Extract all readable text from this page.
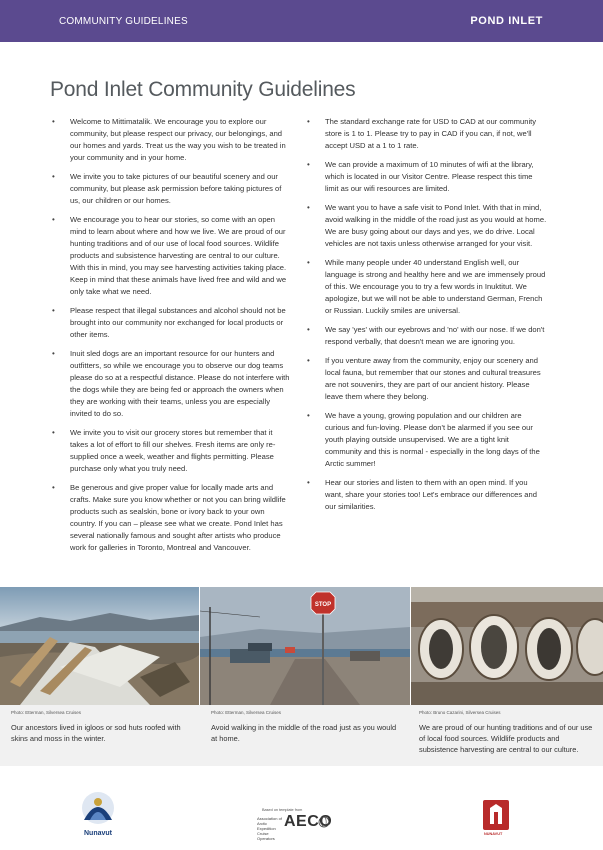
COMMUNITY GUIDELINES	POND INLET
Pond Inlet Community Guidelines
• Welcome to Mittimatalik. We encourage you to explore our community, but please respect our privacy, our belongings, and our homes and yards. Treat us the way you wish to be treated in your community and in your home.
• We invite you to take pictures of our beautiful scenery and our community, but please ask permission before taking pictures of us, our children or our homes.
• We encourage you to hear our stories, so come with an open mind to learn about where and how we live. We are proud of our hunting traditions and of our use of local food sources. Wildlife products and subsistence harvesting are central to our culture. With this in mind, you may see harvesting activities taking place. Keep in mind that these animals have lived free and wild and we only take what we need.
• Please respect that illegal substances and alcohol should not be brought into our community nor exchanged for local products or other items.
• Inuit sled dogs are an important resource for our hunters and outfitters, so while we encourage you to observe our dog teams please do so at a respectful distance. Please do not interfere with the dogs while they are being fed or approach the owners when they are working with their teams, unless you are especially invited to do so.
• We invite you to visit our grocery stores but remember that it takes a lot of effort to fill our shelves. Fresh items are only re-supplied once a week, weather and flights permitting. Please purchase only what you truly need.
• Be generous and give proper value for locally made arts and crafts. Make sure you know whether or not you can bring wildlife products such as sealskin, bone or ivory back to your own country. If you can – please see what we create. Pond Inlet has several nationally famous and sought after artists who produce work for galleries in Toronto, Montreal and Vancouver.
• The standard exchange rate for USD to CAD at our community store is 1 to 1. Please try to pay in CAD if you can, if not, we'll accept USD at a 1 to 1 rate.
• We can provide a maximum of 10 minutes of wifi at the library, which is located in our Visitor Centre. Please respect this time limit as our wifi resources are limited.
• We want you to have a safe visit to Pond Inlet. With that in mind, avoid walking in the middle of the road just as you would at home. We are busy going about our days and yes, we do drive. Local vehicles are not taxis unless otherwise arranged for your visit.
• While many people under 40 understand English well, our language is strong and healthy here and we are immensely proud of this. We encourage you to try a few words in Inuktitut. We apologize, but we will not be able to understand German, French or Russian. Luckily smiles are universal.
• We say 'yes' with our eyebrows and 'no' with our nose. If we don't respond verbally, that doesn't mean we are ignoring you.
• If you venture away from the community, enjoy our scenery and local fauna, but remember that our stones and cultural treasures are not souvenirs, they are part of our ancient history. Please leave them where they belong.
• We have a young, growing population and our children are curious and fun-loving. Please don't be alarmed if you see our youth playing outside unsupervised. We are a tight knit community and this is normal - especially in the long days of the Arctic summer!
• Hear our stories and listen to them with an open mind. If you want, share your stories too! Let's embrace our differences and our similarities.
STOP
Photo: Etterman, Silversea Cruises	Photo: Etterman, Silversea Cruises	Photo: Bruno Cazarini, Silversea Cruises
Our ancestors lived in igloos or sod huts roofed with skins and moss in the winter.
Avoid walking in the middle of the road just as you would at home.
We are proud of our hunting traditions and of our use of local food sources. Wildlife products and subsistence harvesting are central to our culture.
Nunavut
Based on template from
Association of Arctic Expedition Cruise Operators
AECO
NUNAVUT
